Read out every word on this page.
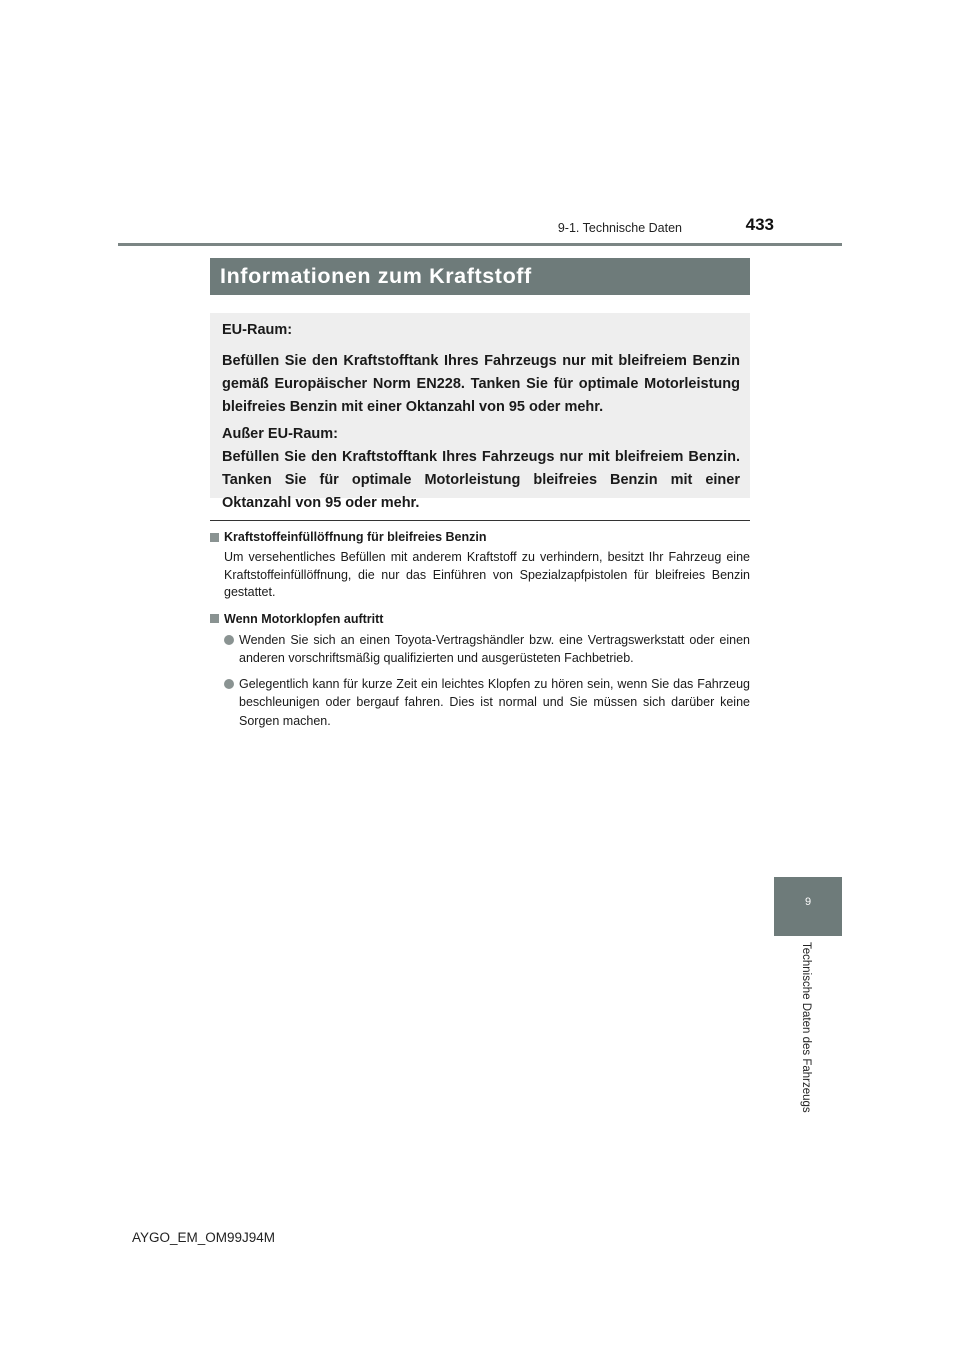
9-1. Technische Daten	433
Informationen zum Kraftstoff

EU-Raum:

Befüllen Sie den Kraftstofftank Ihres Fahrzeugs nur mit bleifreiem Benzin gemäß Europäischer Norm EN228. Tanken Sie für optimale Motorleistung bleifreies Benzin mit einer Oktanzahl von 95 oder mehr.

Außer EU-Raum:

Befüllen Sie den Kraftstofftank Ihres Fahrzeugs nur mit bleifreiem Benzin. Tanken Sie für optimale Motorleistung bleifreies Benzin mit einer Oktanzahl von 95 oder mehr.

Kraftstoffeinfüllöffnung für bleifreies Benzin

Um versehentliches Befüllen mit anderem Kraftstoff zu verhindern, besitzt Ihr Fahrzeug eine Kraftstoffeinfüllöffnung, die nur das Einführen von Spezialzapfpistolen für bleifreies Benzin gestattet.

Wenn Motorklopfen auftritt
Wenden Sie sich an einen Toyota-Vertragshändler bzw. eine Vertragswerkstatt oder einen anderen vorschriftsmäßig qualifizierten und ausgerüsteten Fachbetrieb.
Gelegentlich kann für kurze Zeit ein leichtes Klopfen zu hören sein, wenn Sie das Fahrzeug beschleunigen oder bergauf fahren. Dies ist normal und Sie müssen sich darüber keine Sorgen machen.
9
Technische Daten des Fahrzeugs
AYGO_EM_OM99J94M
